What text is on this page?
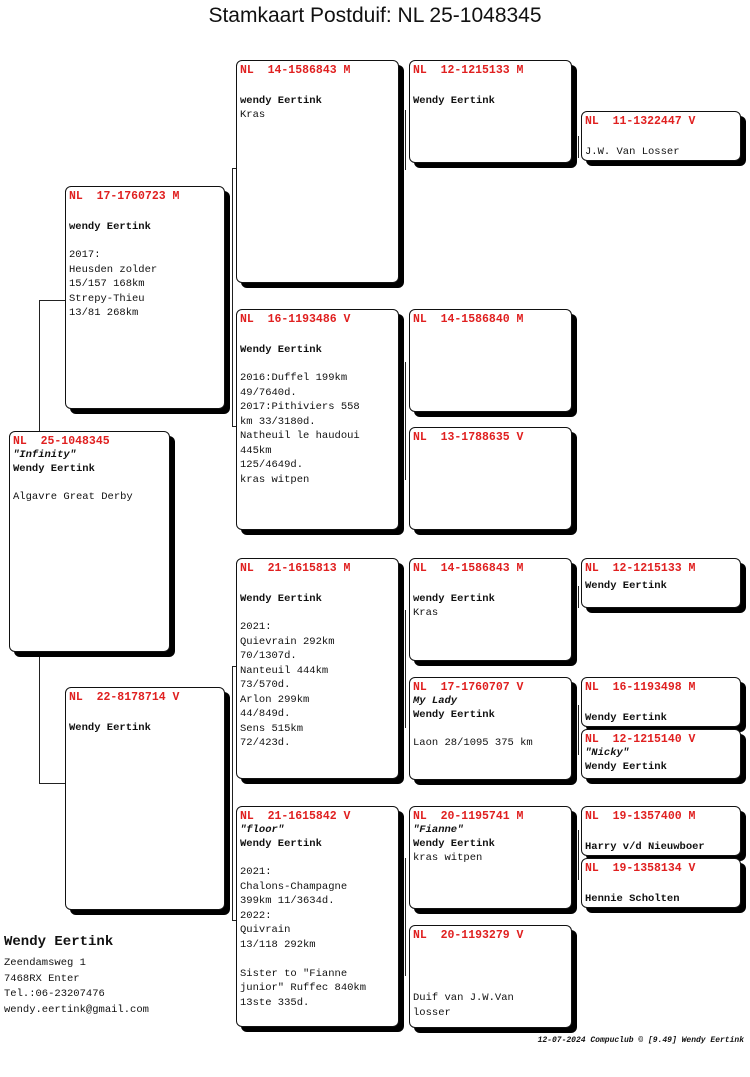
Stamkaart Postduif: NL 25-1048345
NL  25-1048345
"Infinity"
Wendy Eertink
Algavre Great Derby
NL  17-1760723 M
wendy Eertink
2017:
Heusden zolder
15/157 168km
Strepy-Thieu
13/81 268km
NL  22-8178714 V
Wendy Eertink
NL  14-1586843 M
wendy Eertink
Kras
NL  16-1193486 V
Wendy Eertink
2016:Duffel 199km
49/7640d.
2017:Pithiviers 558
km 33/3180d.
Natheuil le haudoui
445km
125/4649d.
kras witpen
NL  21-1615813 M
Wendy Eertink
2021:
Quievrain 292km
70/1307d.
Nanteuil 444km
73/570d.
Arlon 299km
44/849d.
Sens 515km
72/423d.
NL  21-1615842 V
"floor"
Wendy Eertink
2021:
Chalons-Champagne
399km 11/3634d.
2022:
Quivrain
13/118 292km

Sister to "Fianne
junior" Ruffec 840km
13ste 335d.
NL  12-1215133 M
Wendy Eertink
NL  14-1586840 M
NL  13-1788635 V
NL  14-1586843 M
wendy Eertink
Kras
NL  17-1760707 V
My Lady
Wendy Eertink
Laon 28/1095 375 km
NL  20-1195741 M
"Fianne"
Wendy Eertink
kras witpen
NL  20-1193279 V
Duif van J.W.Van
losser
NL  11-1322447 V
J.W. Van Losser
NL  12-1215133 M
Wendy Eertink
NL  16-1193498 M
Wendy Eertink
NL  12-1215140 V
"Nicky"
Wendy Eertink
NL  19-1357400 M
Harry v/d Nieuwboer
NL  19-1358134 V
Hennie Scholten
Wendy Eertink
Zeendamsweg 1
7468RX Enter
Tel.:06-23207476
wendy.eertink@gmail.com
12-07-2024 Compuclub © [9.49] Wendy Eertink
